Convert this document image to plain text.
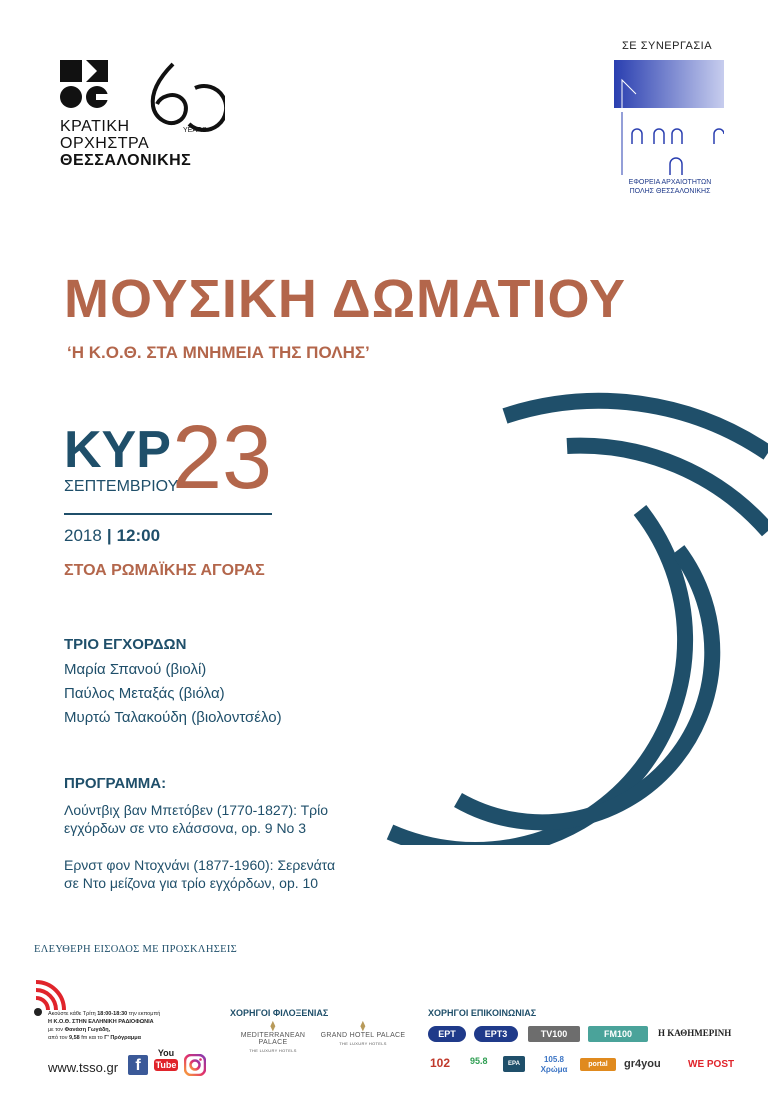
ΚΡΑΤΙΚΗ
ΟΡΧΗΣΤΡΑ
ΘΕΣΣΑΛΟΝΙΚΗΣ
YEARS
ΣΕ ΣΥΝΕΡΓΑΣΙΑ
ΕΦΟΡΕΙΑ ΑΡΧΑΙΟΤΗΤΩΝ
ΠΟΛΗΣ ΘΕΣΣΑΛΟΝΙΚΗΣ
ΜΟΥΣΙΚΗ ΔΩΜΑΤΙΟΥ
‘Η Κ.Ο.Θ. ΣΤΑ ΜΝΗΜΕΙΑ ΤΗΣ ΠΟΛΗΣ’
ΚΥΡ
ΣΕΠΤΕΜΒΡΙΟΥ
23
2018 | 12:00
ΣΤΟΑ ΡΩΜΑΪΚΗΣ ΑΓΟΡΑΣ
ΤΡΙΟ ΕΓΧΟΡΔΩΝ
Μαρία Σπανού (βιολί)
Παύλος Μεταξάς (βιόλα)
Μυρτώ Ταλακούδη (βιολοντσέλο)
ΠΡΟΓΡΑΜΜΑ:
Λούντβιχ βαν Μπετόβεν (1770-1827): Τρίο
εγχόρδων σε ντο ελάσσονα, op. 9 No 3
Ερνστ φον Ντοχνάνι (1877-1960): Σερενάτα
σε Ντο μείζονα για τρίο εγχόρδων, op. 10
ΕΛΕΥΘΕΡΗ ΕΙΣΟΔΟΣ ΜΕ ΠΡΟΣΚΛΗΣΕΙΣ
Ακούστε κάθε Τρίτη 18:00-18:30 την εκπομπή
Η Κ.Ο.Θ. ΣΤΗΝ ΕΛΛΗΝΙΚΗ ΡΑΔΙΟΦΩΝΙΑ
με τον Φανάση Γωγάδη,
από τον 9,58 fm και το Γ' Πρόγραμμα
www.tsso.gr	f
You
Tube
ΧΟΡΗΓΟΙ ΦΙΛΟΞΕΝΙΑΣ
⧫
MEDITERRANEAN PALACE
THE LUXURY HOTELS
⧫
GRAND HOTEL PALACE
THE LUXURY HOTELS
ΧΟΡΗΓΟΙ ΕΠΙΚΟΙΝΩΝΙΑΣ
ΕΡΤ	ΕΡΤ3	TV100	FM100	Η ΚΑΘΗΜΕΡΙΝΗ
102 95.8	ΕΡΑ	105.8 Χρώμα
portal	gr4you	WE POST
